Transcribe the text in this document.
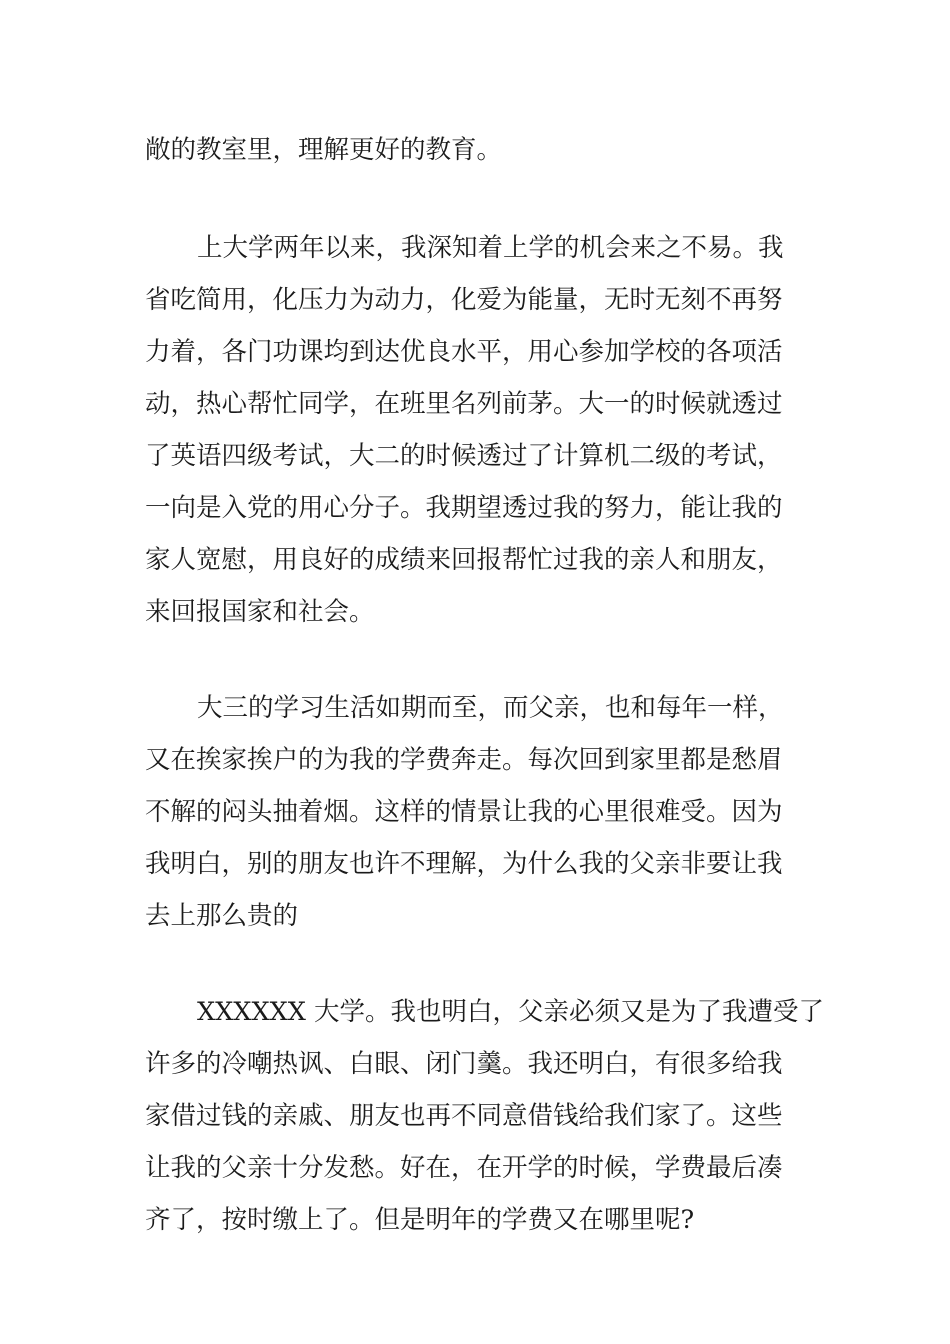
敞的教室里，理解更好的教育。

上大学两年以来，我深知着上学的机会来之不易。我

省吃简用，化压力为动力，化爱为能量，无时无刻不再努

力着，各门功课均到达优良水平，用心参加学校的各项活

动，热心帮忙同学，在班里名列前茅。大一的时候就透过

了英语四级考试，大二的时候透过了计算机二级的考试，

一向是入党的用心分子。我期望透过我的努力，能让我的

家人宽慰，用良好的成绩来回报帮忙过我的亲人和朋友，

来回报国家和社会。

大三的学习生活如期而至，而父亲，也和每年一样，

又在挨家挨户的为我的学费奔走。每次回到家里都是愁眉

不解的闷头抽着烟。这样的情景让我的心里很难受。因为

我明白，别的朋友也许不理解，为什么我的父亲非要让我

去上那么贵的

XXXXXX 大学。我也明白，父亲必须又是为了我遭受了

许多的冷嘲热讽、白眼、闭门羹。我还明白，有很多给我

家借过钱的亲戚、朋友也再不同意借钱给我们家了。这些

让我的父亲十分发愁。好在，在开学的时候，学费最后凑

齐了，按时缴上了。但是明年的学费又在哪里呢?
